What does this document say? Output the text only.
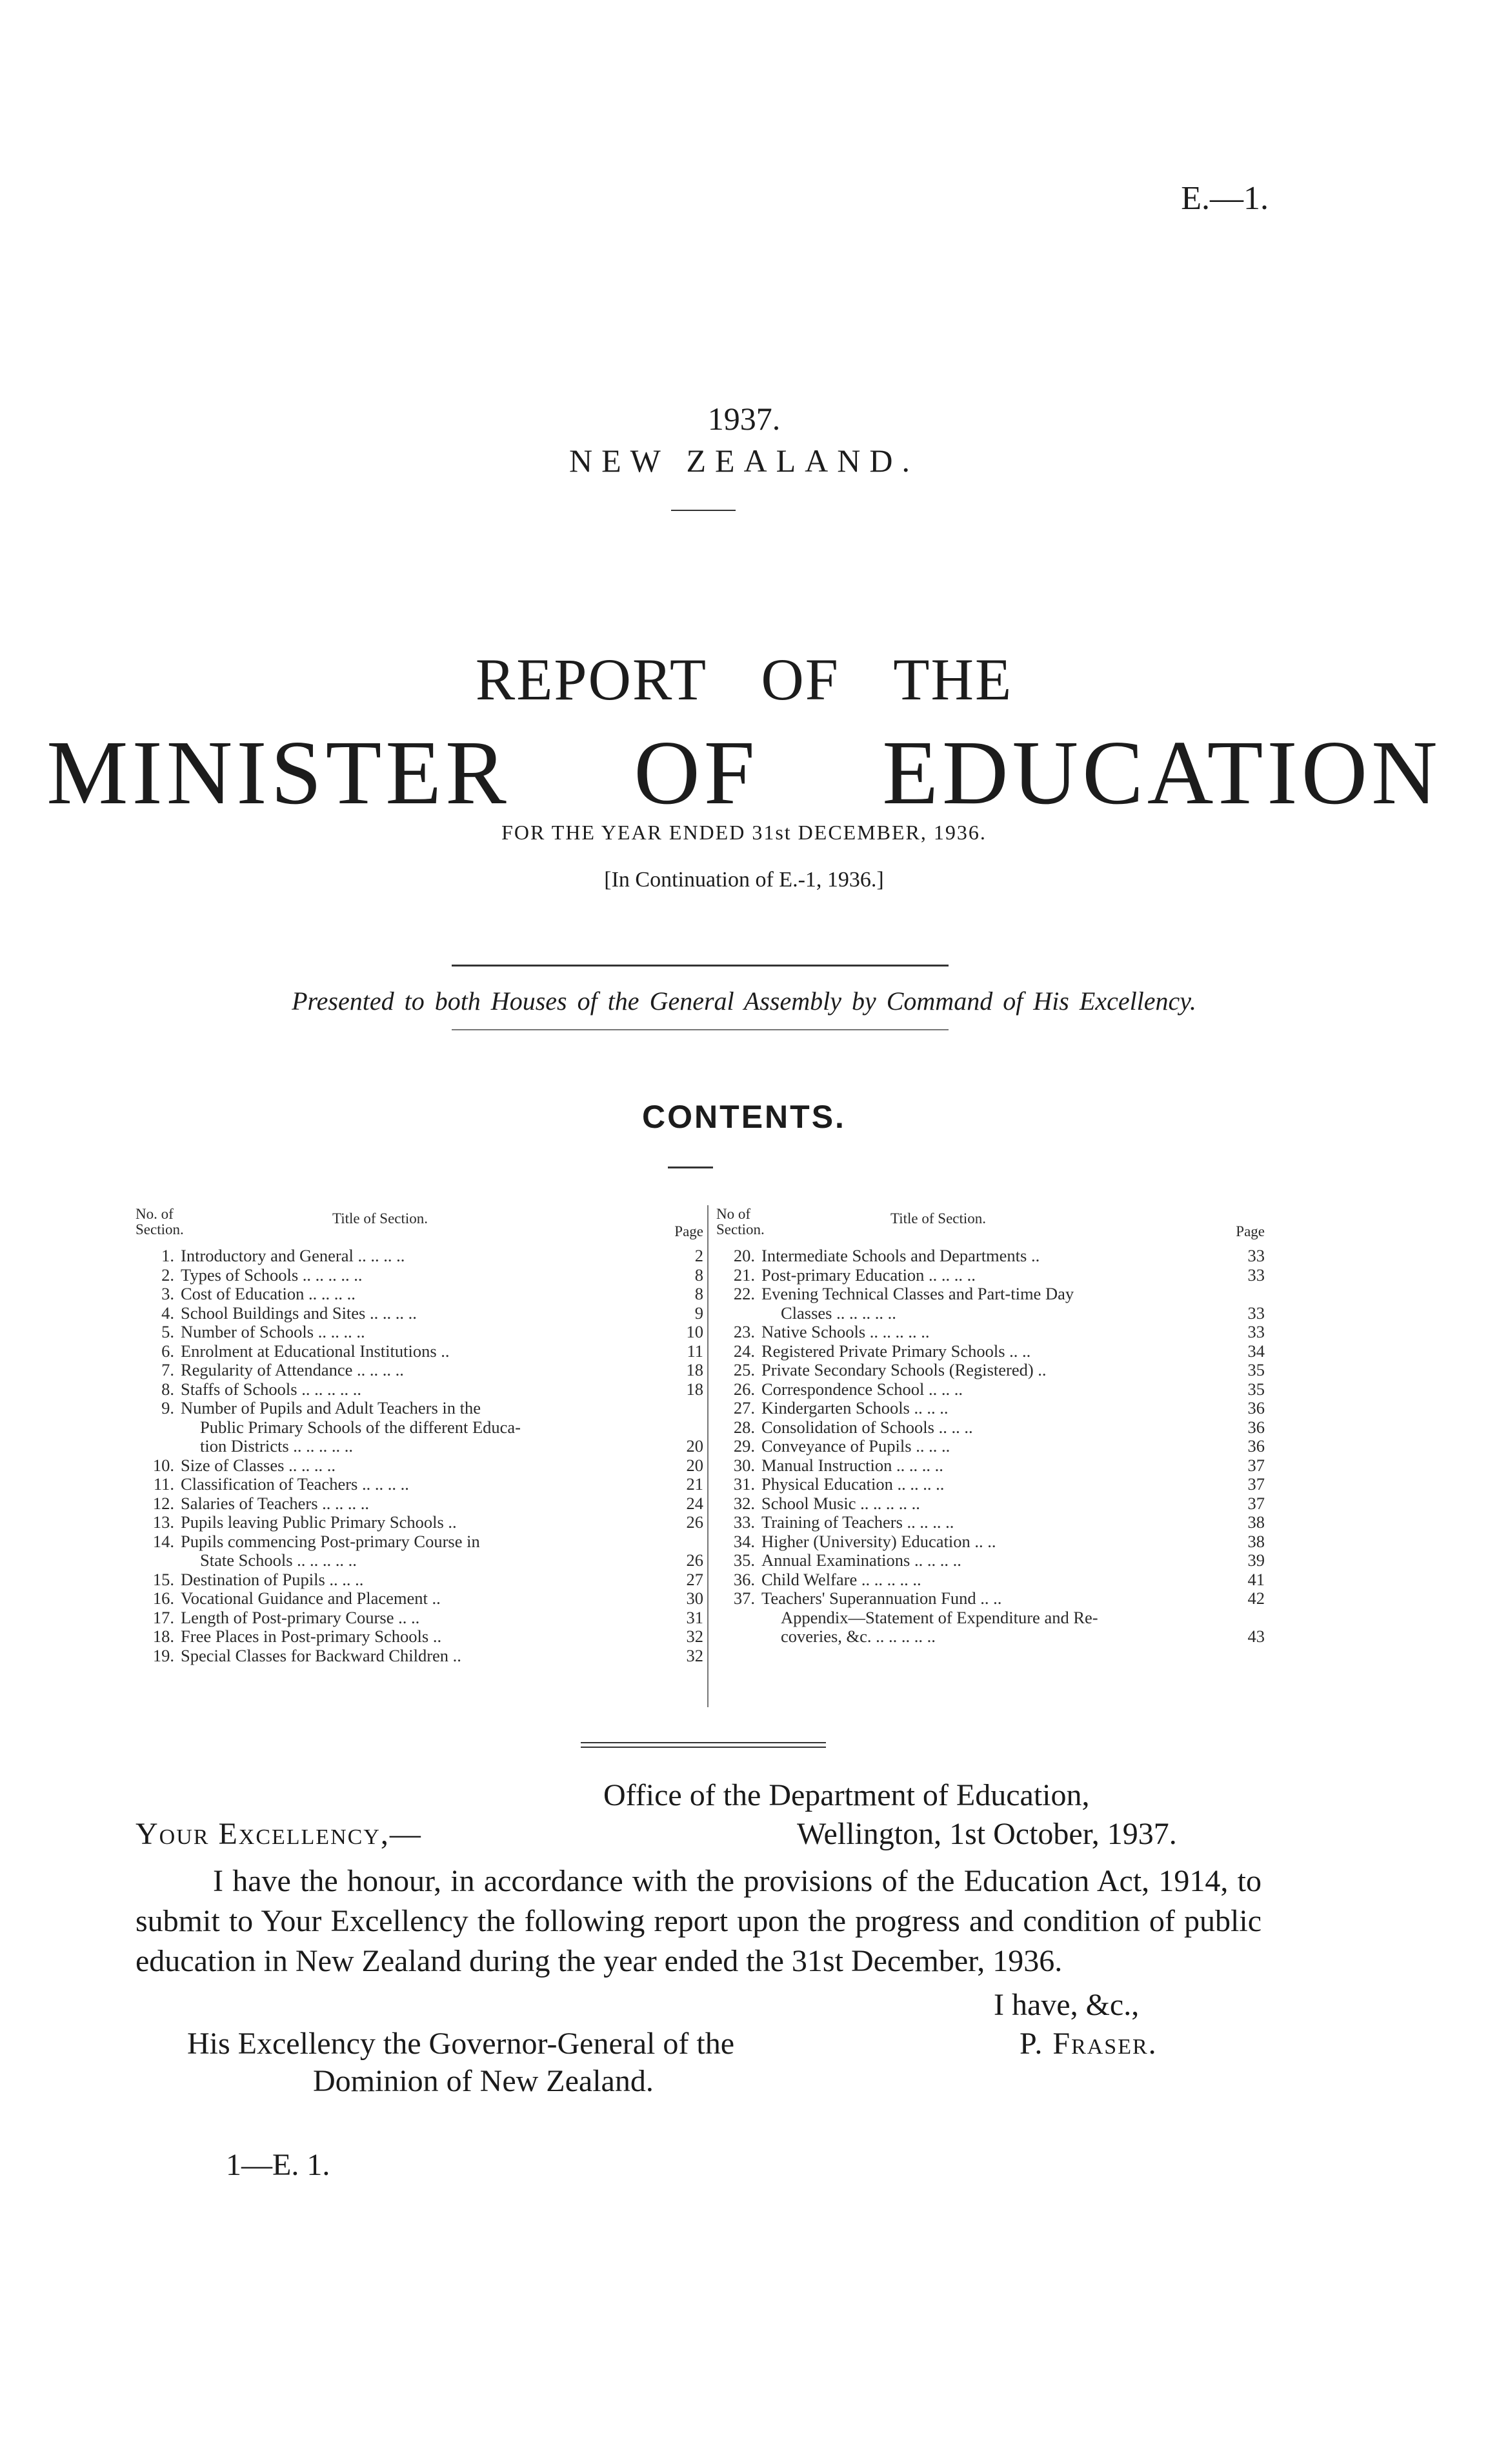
E.—1.
1937.
NEW ZEALAND.
REPORT OF THE
MINISTER OF EDUCATION
FOR THE YEAR ENDED 31st DECEMBER, 1936.
[In Continuation of E.-1, 1936.]
Presented to both Houses of the General Assembly by Command of His Excellency.
CONTENTS.
No. of Section.
Title of Section.
Page
1. Introductory and General .. .. .. ..	2
2. Types of Schools .. .. .. .. ..	8
3. Cost of Education .. .. .. ..	8
4. School Buildings and Sites .. .. .. ..	9
5. Number of Schools .. .. .. ..	10
6. Enrolment at Educational Institutions ..	11
7. Regularity of Attendance .. .. .. ..	18
8. Staffs of Schools .. .. .. .. ..	18
9. Number of Pupils and Adult Teachers in the
Public Primary Schools of the different Educa-
tion Districts .. .. .. .. ..	20
10. Size of Classes .. .. .. ..	20
11. Classification of Teachers .. .. .. ..	21
12. Salaries of Teachers .. .. .. ..	24
13. Pupils leaving Public Primary Schools ..	26
14. Pupils commencing Post-primary Course in
State Schools .. .. .. .. ..	26
15. Destination of Pupils .. .. ..	27
16. Vocational Guidance and Placement ..	30
17. Length of Post-primary Course .. ..	31
18. Free Places in Post-primary Schools ..	32
19. Special Classes for Backward Children ..	32
No of Section.
Title of Section.
Page
20. Intermediate Schools and Departments ..	33
21. Post-primary Education .. .. .. ..	33
22. Evening Technical Classes and Part-time Day
Classes .. .. .. .. ..	33
23. Native Schools .. .. .. .. ..	33
24. Registered Private Primary Schools .. ..	34
25. Private Secondary Schools (Registered) ..	35
26. Correspondence School .. .. ..	35
27. Kindergarten Schools .. .. ..	36
28. Consolidation of Schools .. .. ..	36
29. Conveyance of Pupils .. .. ..	36
30. Manual Instruction .. .. .. ..	37
31. Physical Education .. .. .. ..	37
32. School Music .. .. .. .. ..	37
33. Training of Teachers .. .. .. ..	38
34. Higher (University) Education .. ..	38
35. Annual Examinations .. .. .. ..	39
36. Child Welfare .. .. .. .. ..	41
37. Teachers' Superannuation Fund .. ..	42
Appendix—Statement of Expenditure and Re-
coveries, &c. .. .. .. .. ..	43
Office of the Department of Education,
Your Excellency,—	Wellington, 1st October, 1937.
I have the honour, in accordance with the provisions of the Education Act, 1914, to submit to Your Excellency the following report upon the progress and condition of public education in New Zealand during the year ended the 31st December, 1936.
I have, &c.,
P. Fraser.
His Excellency the Governor-General of the
Dominion of New Zealand.
1—E. 1.
